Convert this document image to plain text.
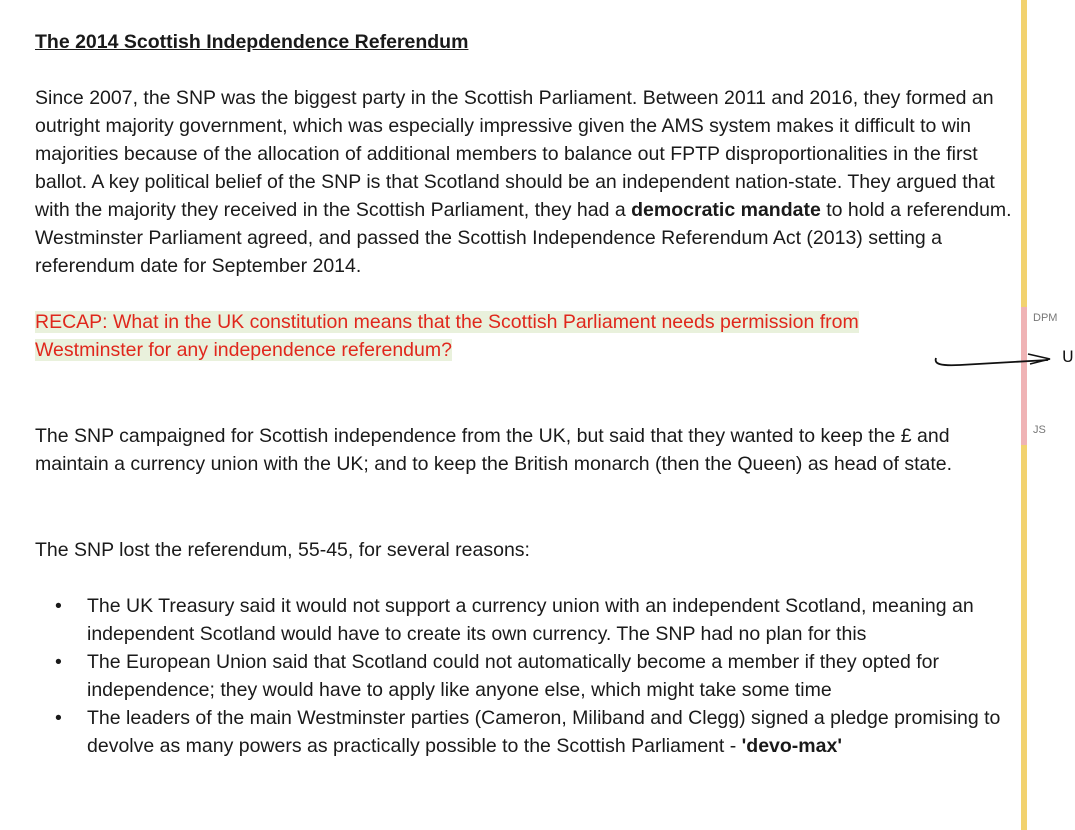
The 2014 Scottish Indepdendence Referendum

Since 2007, the SNP was the biggest party in the Scottish Parliament. Between 2011 and 2016, they formed an outright majority government, which was especially impressive given the AMS system makes it difficult to win majorities because of the allocation of additional members to balance out FPTP disproportionalities in the first ballot. A key political belief of the SNP is that Scotland should be an independent nation-state. They argued that with the majority they received in the Scottish Parliament, they had a democratic mandate to hold a referendum. Westminster Parliament agreed, and passed the Scottish Independence Referendum Act (2013) setting a referendum date for September 2014.

RECAP: What in the UK constitution means that the Scottish Parliament needs permission from
Westminster for any independence referendum?

The SNP campaigned for Scottish independence from the UK, but said that they wanted to keep the £ and maintain a currency union with the UK; and to keep the British monarch (then the Queen) as head of state.

The SNP lost the referendum, 55-45, for several reasons:

• The UK Treasury said it would not support a currency union with an independent Scotland, meaning an independent Scotland would have to create its own currency. The SNP had no plan for this
• The European Union said that Scotland could not automatically become a member if they opted for independence; they would have to apply like anyone else, which might take some time
• The leaders of the main Westminster parties (Cameron, Miliband and Clegg) signed a pledge promising to devolve as many powers as practically possible to the Scottish Parliament - 'devo-max'
DPM
JS
U
